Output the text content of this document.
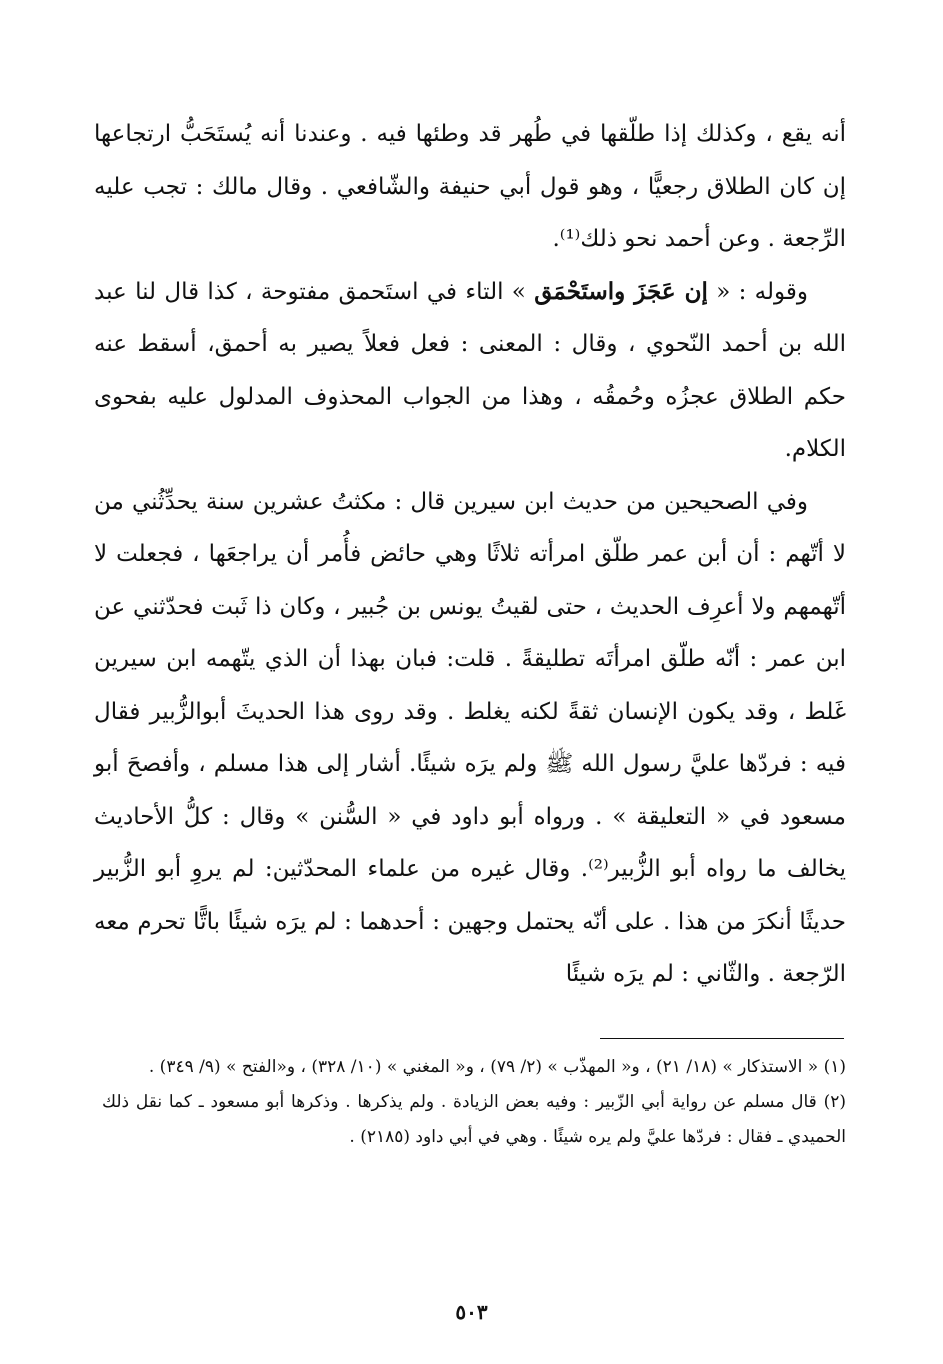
أنه يقع ، وكذلك إذا طلّقها في طُهر قد وطئها فيه . وعندنا أنه يُستَحَبُّ ارتجاعها إن كان الطلاق رجعيًّا ، وهو قول أبي حنيفة والشّافعي . وقال مالك : تجب عليه الرِّجعة . وعن أحمد نحو ذلك⁽¹⁾.

وقوله : « إن عَجَزَ واستَحْمَق » التاء في استَحمق مفتوحة ، كذا قال لنا عبد الله بن أحمد النّحوي ، وقال : المعنى : فعل فعلاً يصير به أحمق، أسقط عنه حكم الطلاق عجزُه وحُمقُه ، وهذا من الجواب المحذوف المدلول عليه بفحوى الكلام.

وفي الصحيحين من حديث ابن سيرين قال : مكثتُ عشرين سنة يحدِّثُني من لا أتّهم : أن أبن عمر طلّق امرأته ثلاثًا وهي حائض فأُمر أن يراجعَها ، فجعلت لا أتّهمهم ولا أعرِف الحديث ، حتى لقيتُ يونس بن جُبير ، وكان ذا ثَبت فحدّثني عن ابن عمر : أنّه طلّق امرأتَه تطليقةً . قلت: فبان بهذا أن الذي يتّهمه ابن سيرين غَلط ، وقد يكون الإنسان ثقةً لكنه يغلط . وقد روى هذا الحديثَ أبوالزُّبير فقال فيه : فردّها عليَّ رسول الله ﷺ ولم يرَه شيئًا. أشار إلى هذا مسلم ، وأفصحَ أبو مسعود في « التعليقة » . ورواه أبو داود في « السُّنن » وقال : كلُّ الأحاديث يخالف ما رواه أبو الزُّبير⁽²⁾. وقال غيره من علماء المحدّثين: لم يروِ أبو الزُّبير حديثًا أنكرَ من هذا . على أنّه يحتمل وجهين : أحدهما : لم يرَه شيئًا باتًّا تحرم معه الرّجعة . والثّاني : لم يرَه شيئًا

(١) « الاستذكار » (١٨/ ٢١) ، و« المهذّب » (٢/ ٧٩) ، و« المغني » (١٠/ ٣٢٨) ، و«الفتح » (٩/ ٣٤٩) .

(٢) قال مسلم عن رواية أبي الزّبير : وفيه بعض الزيادة . ولم يذكرها . وذكرها أبو مسعود ـ كما نقل ذلك الحميدي ـ فقال : فردّها عليَّ ولم يره شيئًا . وهي في أبي داود (٢١٨٥) .

٥٠٣
